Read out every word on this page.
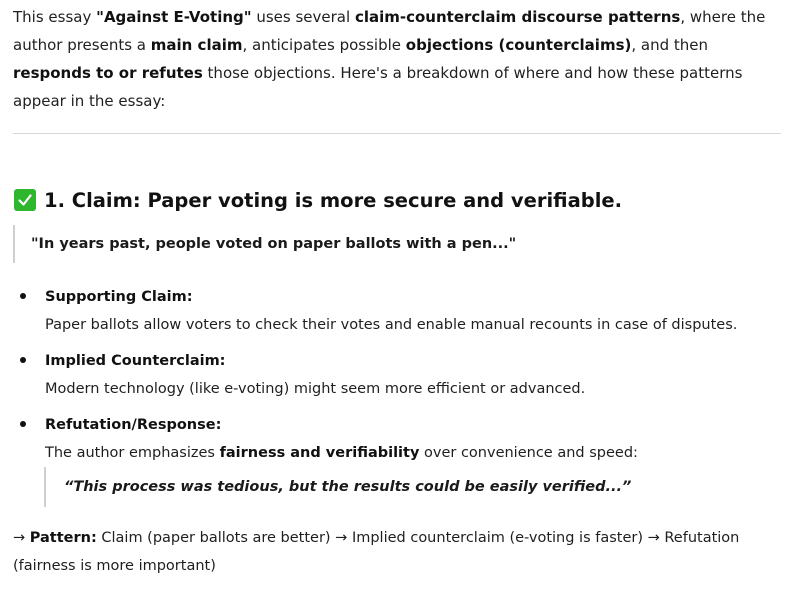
This essay "Against E-Voting" uses several claim-counterclaim discourse patterns, where the author presents a main claim, anticipates possible objections (counterclaims), and then responds to or refutes those objections. Here's a breakdown of where and how these patterns appear in the essay:
1. Claim: Paper voting is more secure and verifiable.
"In years past, people voted on paper ballots with a pen..."
Supporting Claim:
Paper ballots allow voters to check their votes and enable manual recounts in case of disputes.
Implied Counterclaim:
Modern technology (like e-voting) might seem more efficient or advanced.
Refutation/Response:
The author emphasizes fairness and verifiability over convenience and speed:
“This process was tedious, but the results could be easily verified...”
→ Pattern: Claim (paper ballots are better) → Implied counterclaim (e-voting is faster) → Refutation (fairness is more important)
